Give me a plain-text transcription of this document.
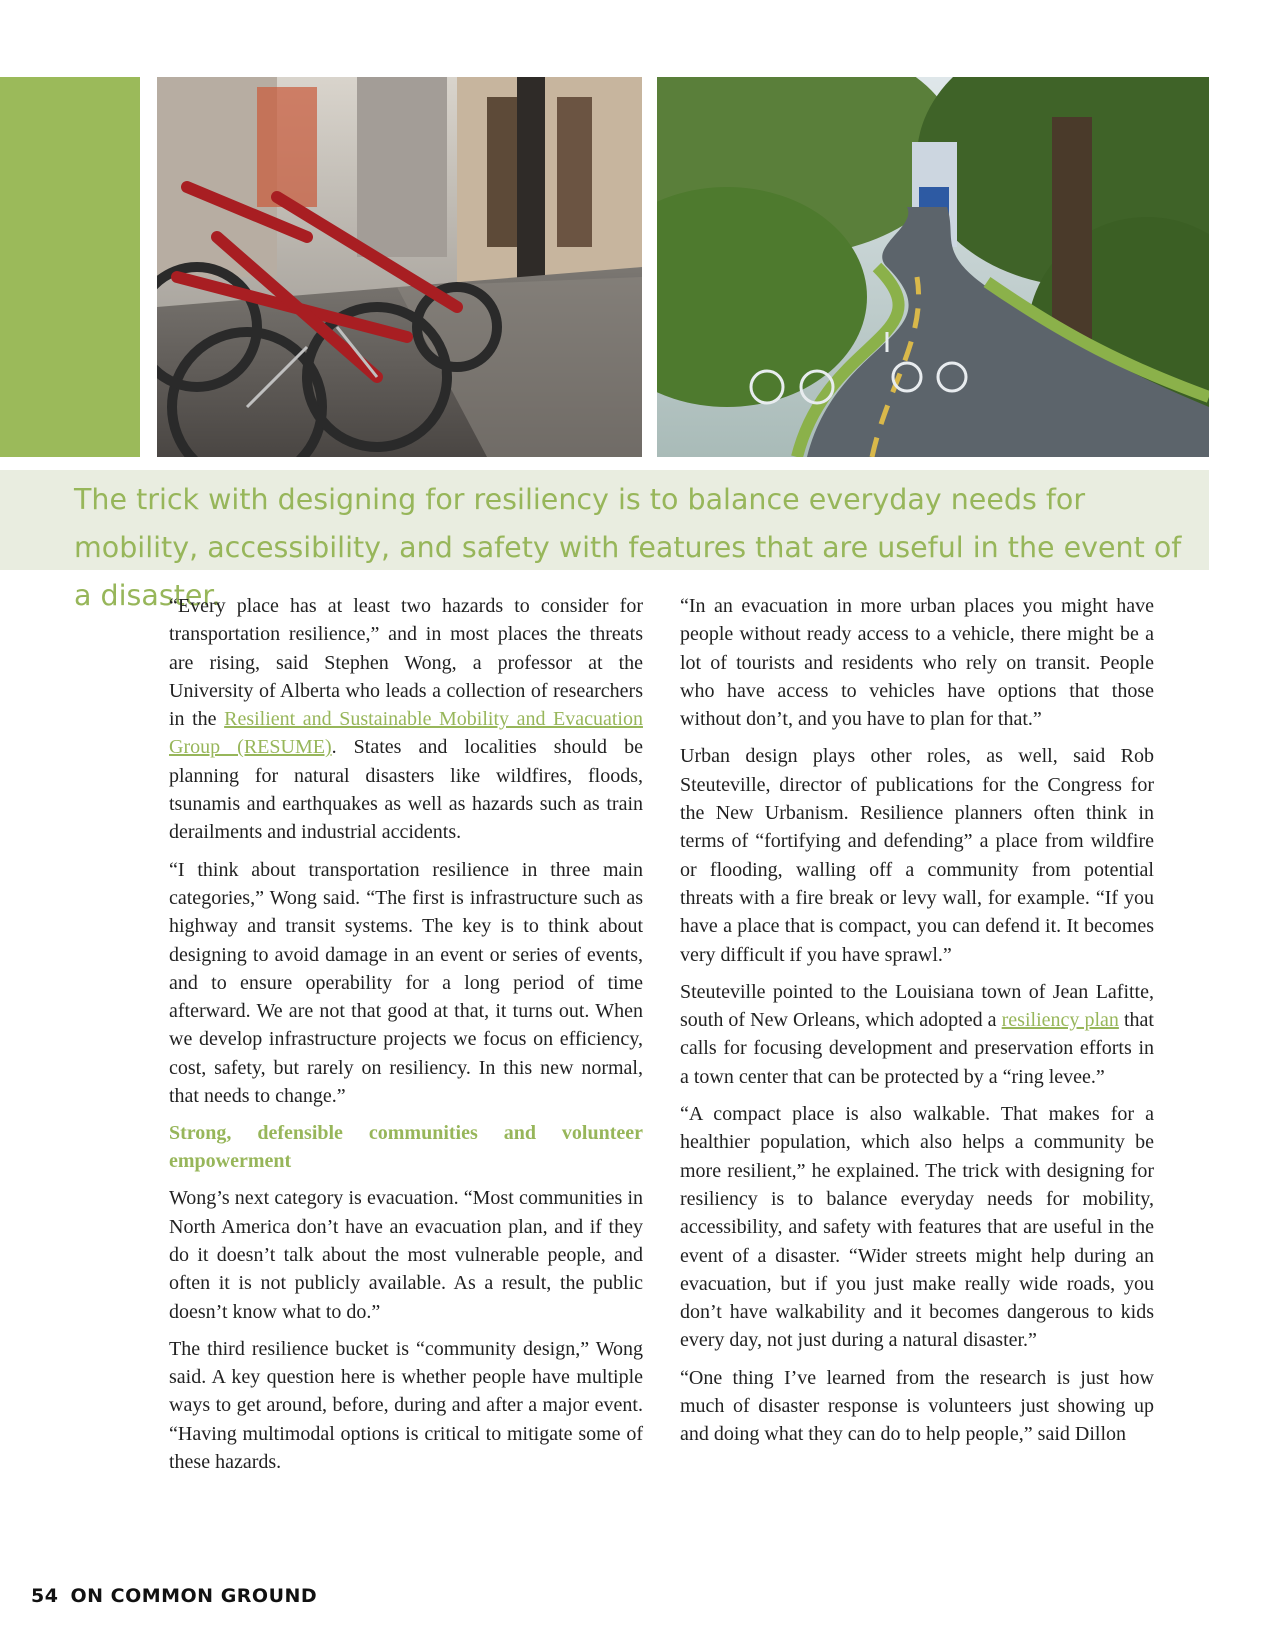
The trick with designing for resiliency is to balance everyday needs for mobility, accessibility, and safety with features that are useful in the event of a disaster.

“Every place has at least two hazards to consider for transportation resilience,” and in most places the threats are rising, said Stephen Wong, a professor at the University of Alberta who leads a collection of researchers in the Resilient and Sustainable Mobility and Evacuation Group (RESUME). States and localities should be planning for natural disasters like wildfires, floods, tsunamis and earthquakes as well as hazards such as train derailments and industrial accidents.

“I think about transportation resilience in three main categories,” Wong said. “The first is infrastructure such as highway and transit systems. The key is to think about designing to avoid damage in an event or series of events, and to ensure operability for a long period of time afterward. We are not that good at that, it turns out. When we develop infrastructure projects we focus on efficiency, cost, safety, but rarely on resiliency. In this new normal, that needs to change.”

Strong, defensible communities and volunteer empowerment

Wong’s next category is evacuation. “Most communities in North America don’t have an evacuation plan, and if they do it doesn’t talk about the most vulnerable people, and often it is not publicly available. As a result, the public doesn’t know what to do.”

The third resilience bucket is “community design,” Wong said. A key question here is whether people have multiple ways to get around, before, during and after a major event. “Having multimodal options is critical to mitigate some of these hazards.

“In an evacuation in more urban places you might have people without ready access to a vehicle, there might be a lot of tourists and residents who rely on transit. People who have access to vehicles have options that those without don’t, and you have to plan for that.”

Urban design plays other roles, as well, said Rob Steuteville, director of publications for the Congress for the New Urbanism. Resilience planners often think in terms of “fortifying and defending” a place from wildfire or flooding, walling off a community from potential threats with a fire break or levy wall, for example. “If you have a place that is compact, you can defend it. It becomes very difficult if you have sprawl.”

Steuteville pointed to the Louisiana town of Jean Lafitte, south of New Orleans, which adopted a resiliency plan that calls for focusing development and preservation efforts in a town center that can be protected by a “ring levee.”

“A compact place is also walkable. That makes for a healthier population, which also helps a community be more resilient,” he explained. The trick with designing for resiliency is to balance everyday needs for mobility, accessibility, and safety with features that are useful in the event of a disaster. “Wider streets might help during an evacuation, but if you just make really wide roads, you don’t have walkability and it becomes dangerous to kids every day, not just during a natural disaster.”

“One thing I’ve learned from the research is just how much of disaster response is volunteers just showing up and doing what they can do to help people,” said Dillon

54 ON COMMON GROUND
